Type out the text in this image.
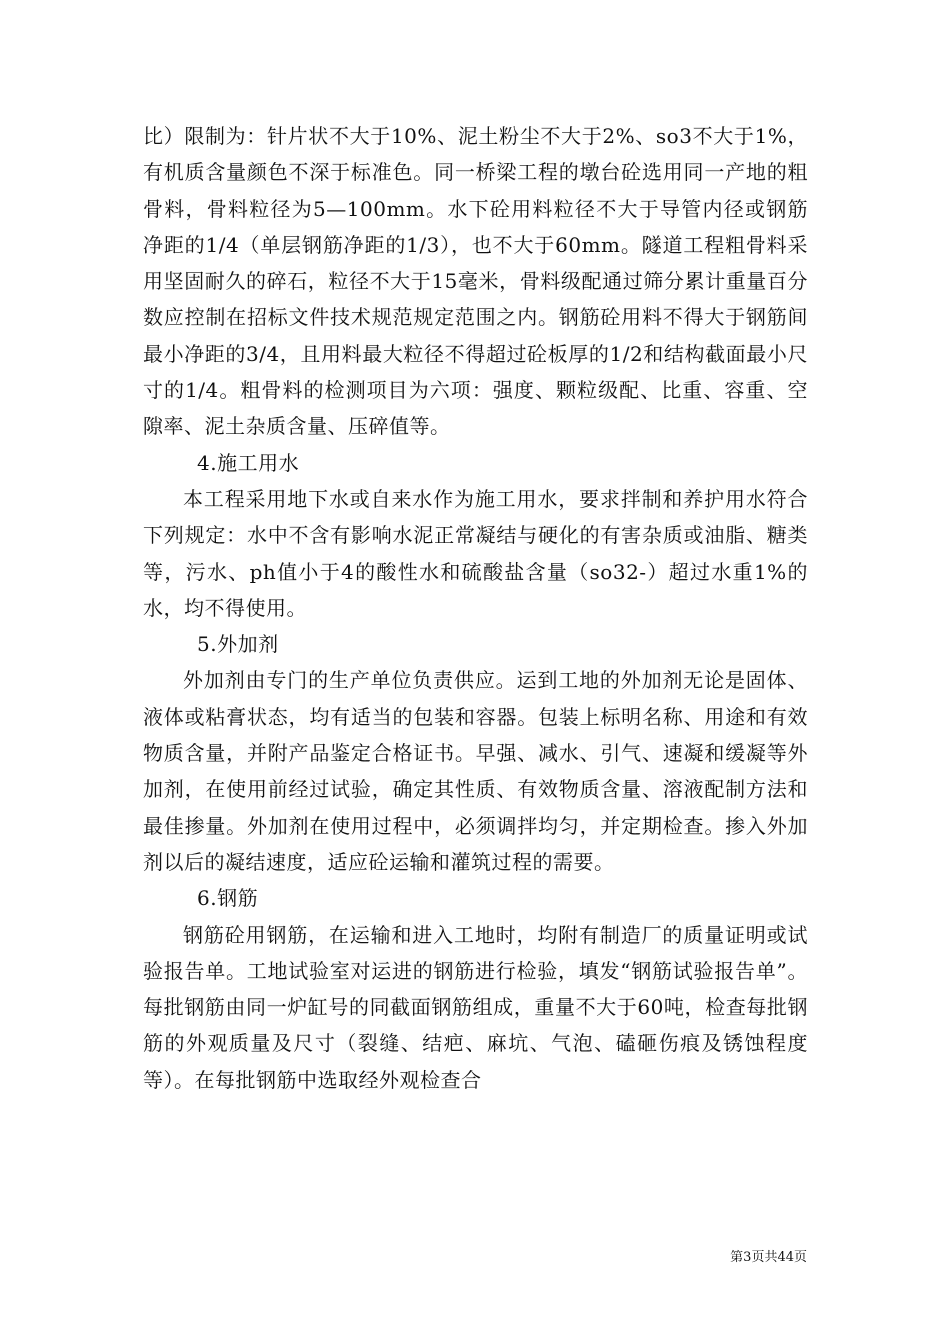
比）限制为：针片状不大于10%、泥土粉尘不大于2%、so3不大于1%，有机质含量颜色不深于标准色。同一桥梁工程的墩台砼选用同一产地的粗骨料，骨料粒径为5—100mm。水下砼用料粒径不大于导管内径或钢筋净距的1/4（单层钢筋净距的1/3），也不大于60mm。隧道工程粗骨料采用坚固耐久的碎石，粒径不大于15毫米，骨料级配通过筛分累计重量百分数应控制在招标文件技术规范规定范围之内。钢筋砼用料不得大于钢筋间最小净距的3/4，且用料最大粒径不得超过砼板厚的1/2和结构截面最小尺寸的1/4。粗骨料的检测项目为六项：强度、颗粒级配、比重、容重、空隙率、泥土杂质含量、压碎值等。

4.施工用水

本工程采用地下水或自来水作为施工用水，要求拌制和养护用水符合下列规定：水中不含有影响水泥正常凝结与硬化的有害杂质或油脂、糖类等，污水、ph值小于4的酸性水和硫酸盐含量（so32-）超过水重1%的水，均不得使用。

5.外加剂

外加剂由专门的生产单位负责供应。运到工地的外加剂无论是固体、液体或粘膏状态，均有适当的包装和容器。包装上标明名称、用途和有效物质含量，并附产品鉴定合格证书。早强、减水、引气、速凝和缓凝等外加剂，在使用前经过试验，确定其性质、有效物质含量、溶液配制方法和最佳掺量。外加剂在使用过程中，必须调拌均匀，并定期检查。掺入外加剂以后的凝结速度，适应砼运输和灌筑过程的需要。

6.钢筋

钢筋砼用钢筋，在运输和进入工地时，均附有制造厂的质量证明或试验报告单。工地试验室对运进的钢筋进行检验，填发“钢筋试验报告单”。每批钢筋由同一炉缸号的同截面钢筋组成，重量不大于60吨，检查每批钢筋的外观质量及尺寸（裂缝、结疤、麻坑、气泡、磕砸伤痕及锈蚀程度等）。在每批钢筋中选取经外观检查合

第3页共44页
